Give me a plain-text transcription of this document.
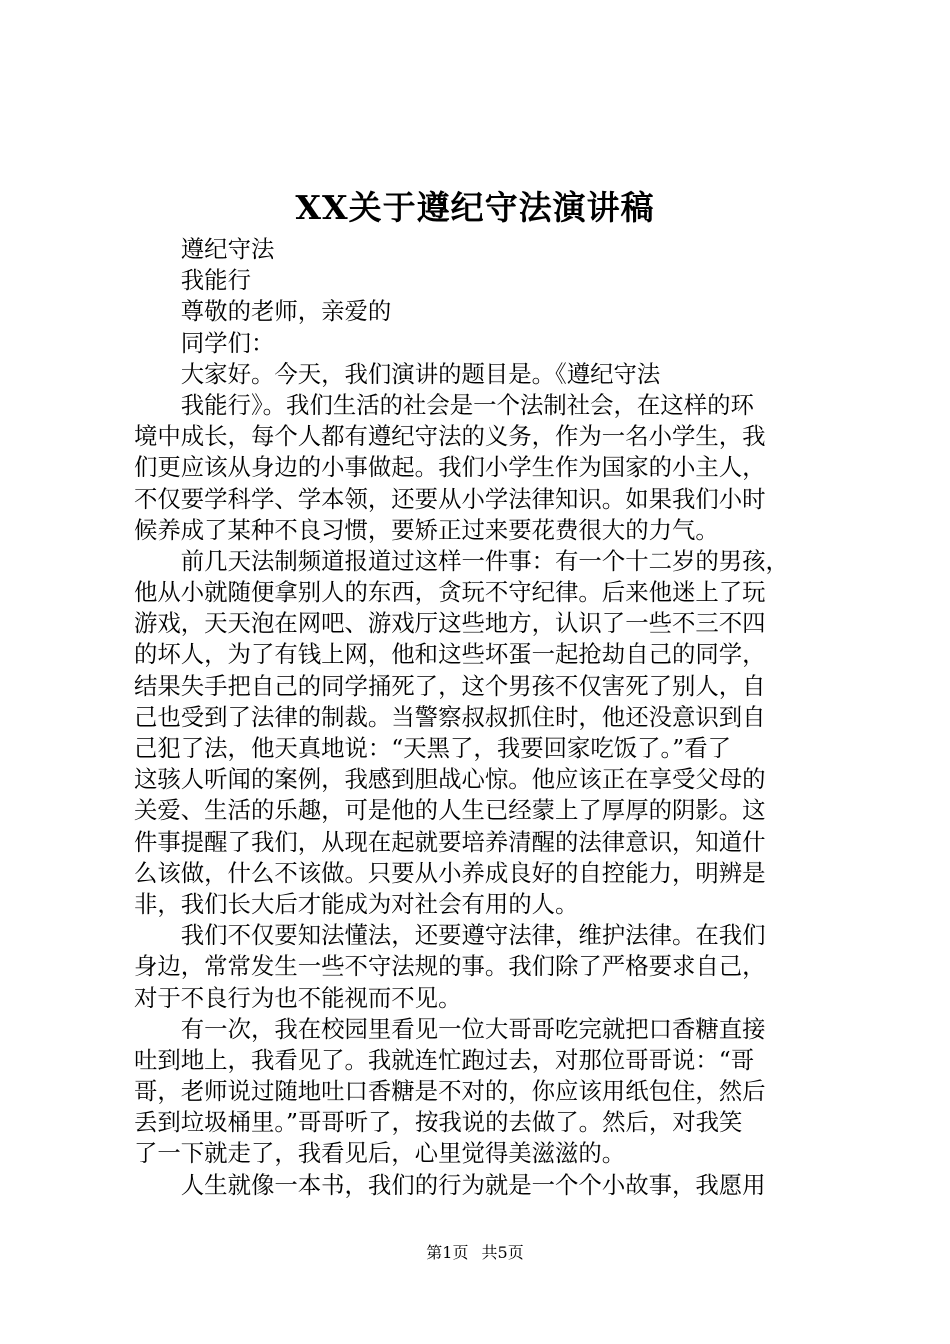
XX关于遵纪守法演讲稿
遵纪守法
我能行
尊敬的老师，亲爱的
同学们：
大家好。今天，我们演讲的题目是。《遵纪守法
我能行》。我们生活的社会是一个法制社会，在这样的环
境中成长，每个人都有遵纪守法的义务，作为一名小学生，我
们更应该从身边的小事做起。我们小学生作为国家的小主人，
不仅要学科学、学本领，还要从小学法律知识。如果我们小时
候养成了某种不良习惯，要矫正过来要花费很大的力气。
前几天法制频道报道过这样一件事：有一个十二岁的男孩，
他从小就随便拿别人的东西，贪玩不守纪律。后来他迷上了玩
游戏，天天泡在网吧、游戏厅这些地方，认识了一些不三不四
的坏人，为了有钱上网，他和这些坏蛋一起抢劫自己的同学，
结果失手把自己的同学捅死了，这个男孩不仅害死了别人，自
己也受到了法律的制裁。当警察叔叔抓住时，他还没意识到自
己犯了法，他天真地说：“天黑了，我要回家吃饭了。”看了
这骇人听闻的案例，我感到胆战心惊。他应该正在享受父母的
关爱、生活的乐趣，可是他的人生已经蒙上了厚厚的阴影。这
件事提醒了我们，从现在起就要培养清醒的法律意识，知道什
么该做，什么不该做。只要从小养成良好的自控能力，明辨是
非，我们长大后才能成为对社会有用的人。
我们不仅要知法懂法，还要遵守法律，维护法律。在我们
身边，常常发生一些不守法规的事。我们除了严格要求自己，
对于不良行为也不能视而不见。
有一次，我在校园里看见一位大哥哥吃完就把口香糖直接
吐到地上，我看见了。我就连忙跑过去，对那位哥哥说：“哥
哥，老师说过随地吐口香糖是不对的，你应该用纸包住，然后
丢到垃圾桶里。”哥哥听了，按我说的去做了。然后，对我笑
了一下就走了，我看见后，心里觉得美滋滋的。
人生就像一本书，我们的行为就是一个个小故事，我愿用
第1页 共5页
